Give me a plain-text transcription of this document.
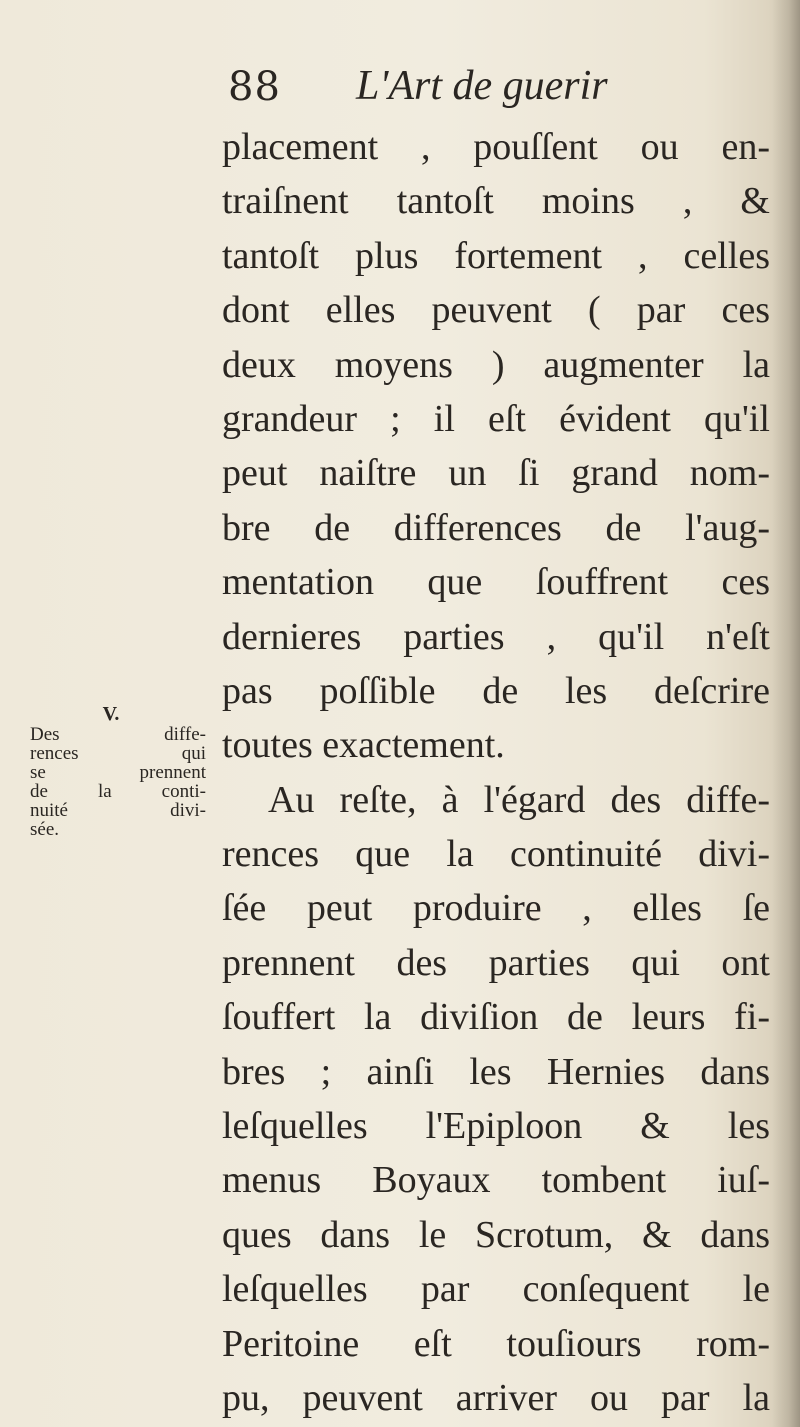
88 L'Art de guerir
V.
Des diffe-
rences qui
se prennent
de la conti-
nuité divi-
sée.
placement , pouſſent ou en-
traiſnent tantoſt moins , &
tantoſt plus fortement , celles
dont elles peuvent ( par ces
deux moyens ) augmenter la
grandeur ; il eſt évident qu'il
peut naiſtre un ſi grand nom-
bre de differences de l'aug-
mentation que ſouffrent ces
dernieres parties , qu'il n'eſt
pas poſſible de les deſcrire
toutes exactement.
Au reſte, à l'égard des diffe-
rences que la continuité divi-
ſée peut produire , elles ſe
prennent des parties qui ont
ſouffert la diviſion de leurs fi-
bres ; ainſi les Hernies dans
leſquelles l'Epiploon & les
menus Boyaux tombent iuſ-
ques dans le Scrotum, & dans
leſquelles par conſequent le
Peritoine eſt touſiours rom-
pu, peuvent arriver ou par la
